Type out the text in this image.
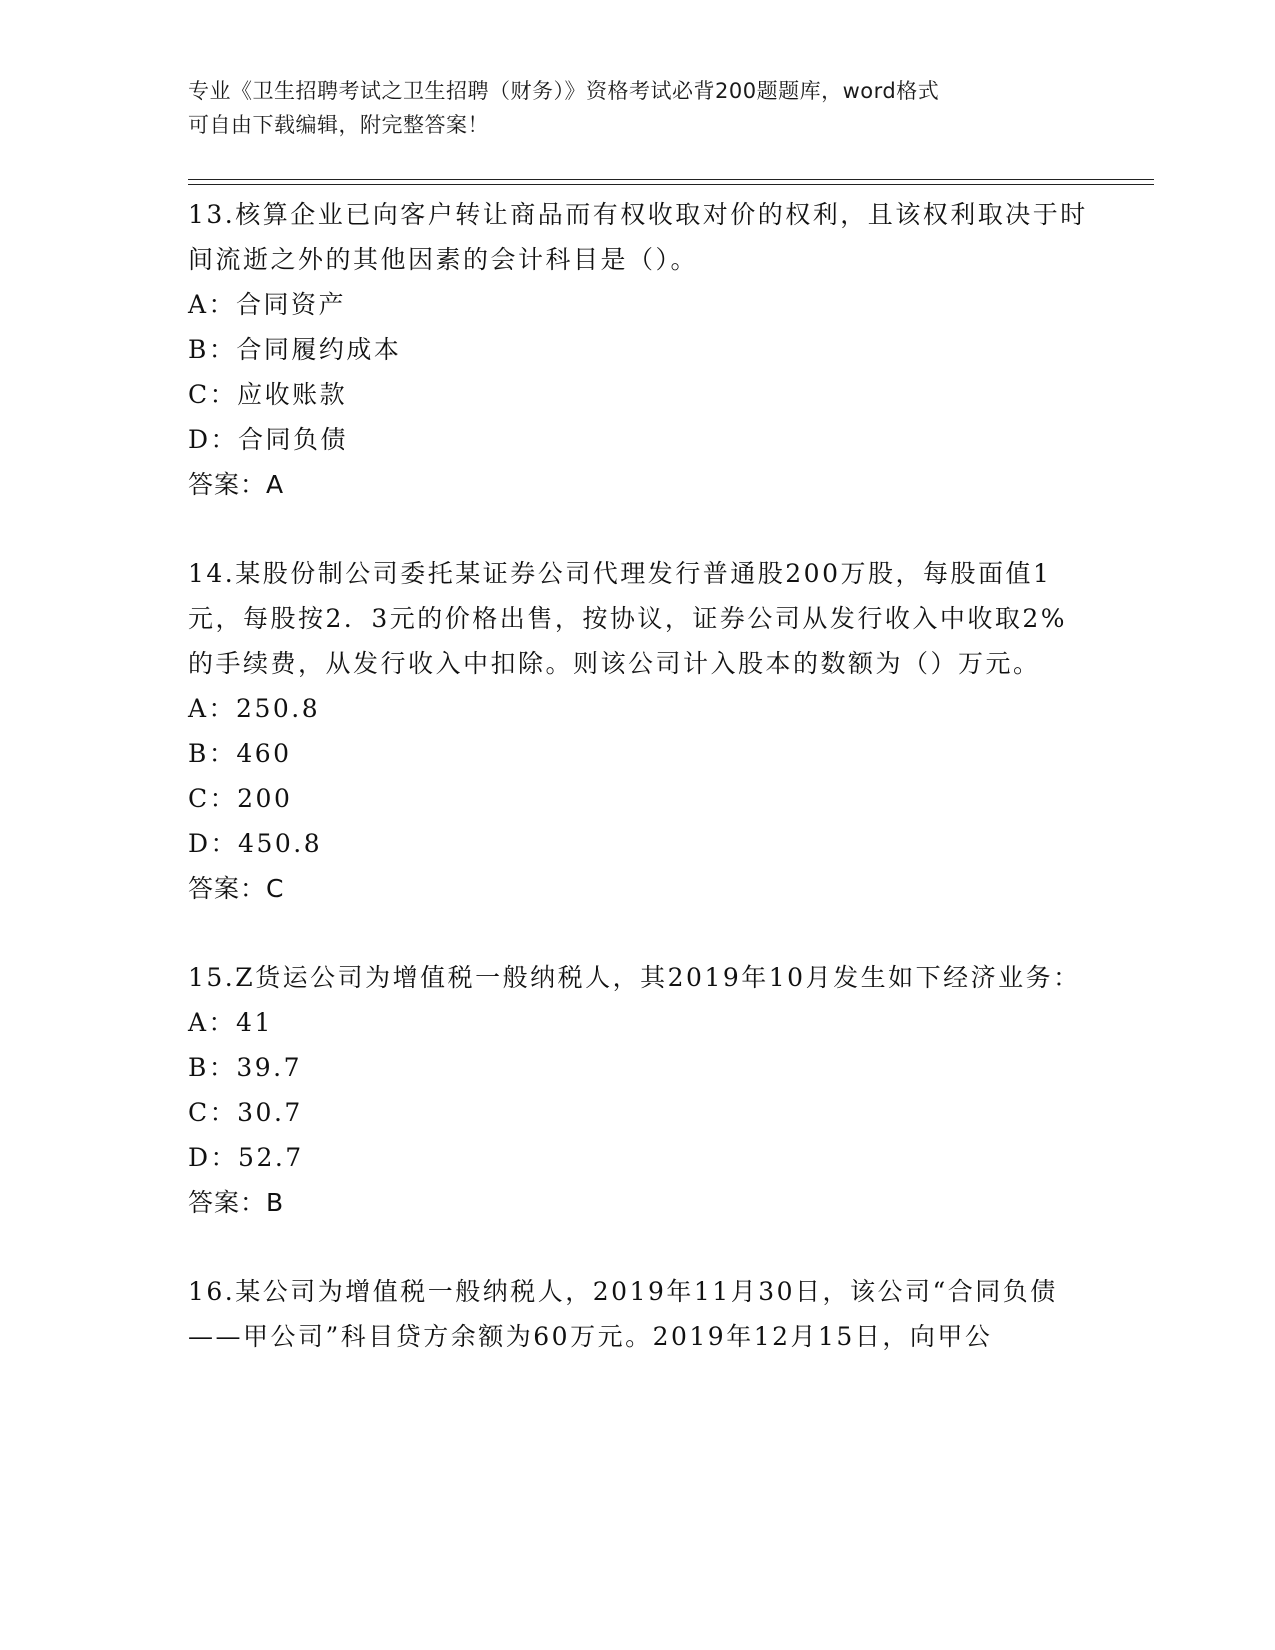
专业《卫生招聘考试之卫生招聘（财务）》资格考试必背200题题库，word格式
可自由下载编辑，附完整答案！

13.核算企业已向客户转让商品而有权收取对价的权利，且该权利取决于时间流逝之外的其他因素的会计科目是（）。

A：合同资产

B：合同履约成本

C：应收账款

D：合同负债

答案：A

14.某股份制公司委托某证券公司代理发行普通股200万股，每股面值1元，每股按2．3元的价格出售，按协议，证券公司从发行收入中收取2%的手续费，从发行收入中扣除。则该公司计入股本的数额为（）万元。

A：250.8

B：460

C：200

D：450.8

答案：C

15.Z货运公司为增值税一般纳税人，其2019年10月发生如下经济业务：

A：41

B：39.7

C：30.7

D：52.7

答案：B

16.某公司为增值税一般纳税人，2019年11月30日，该公司“合同负债——甲公司”科目贷方余额为60万元。2019年12月15日，向甲公
